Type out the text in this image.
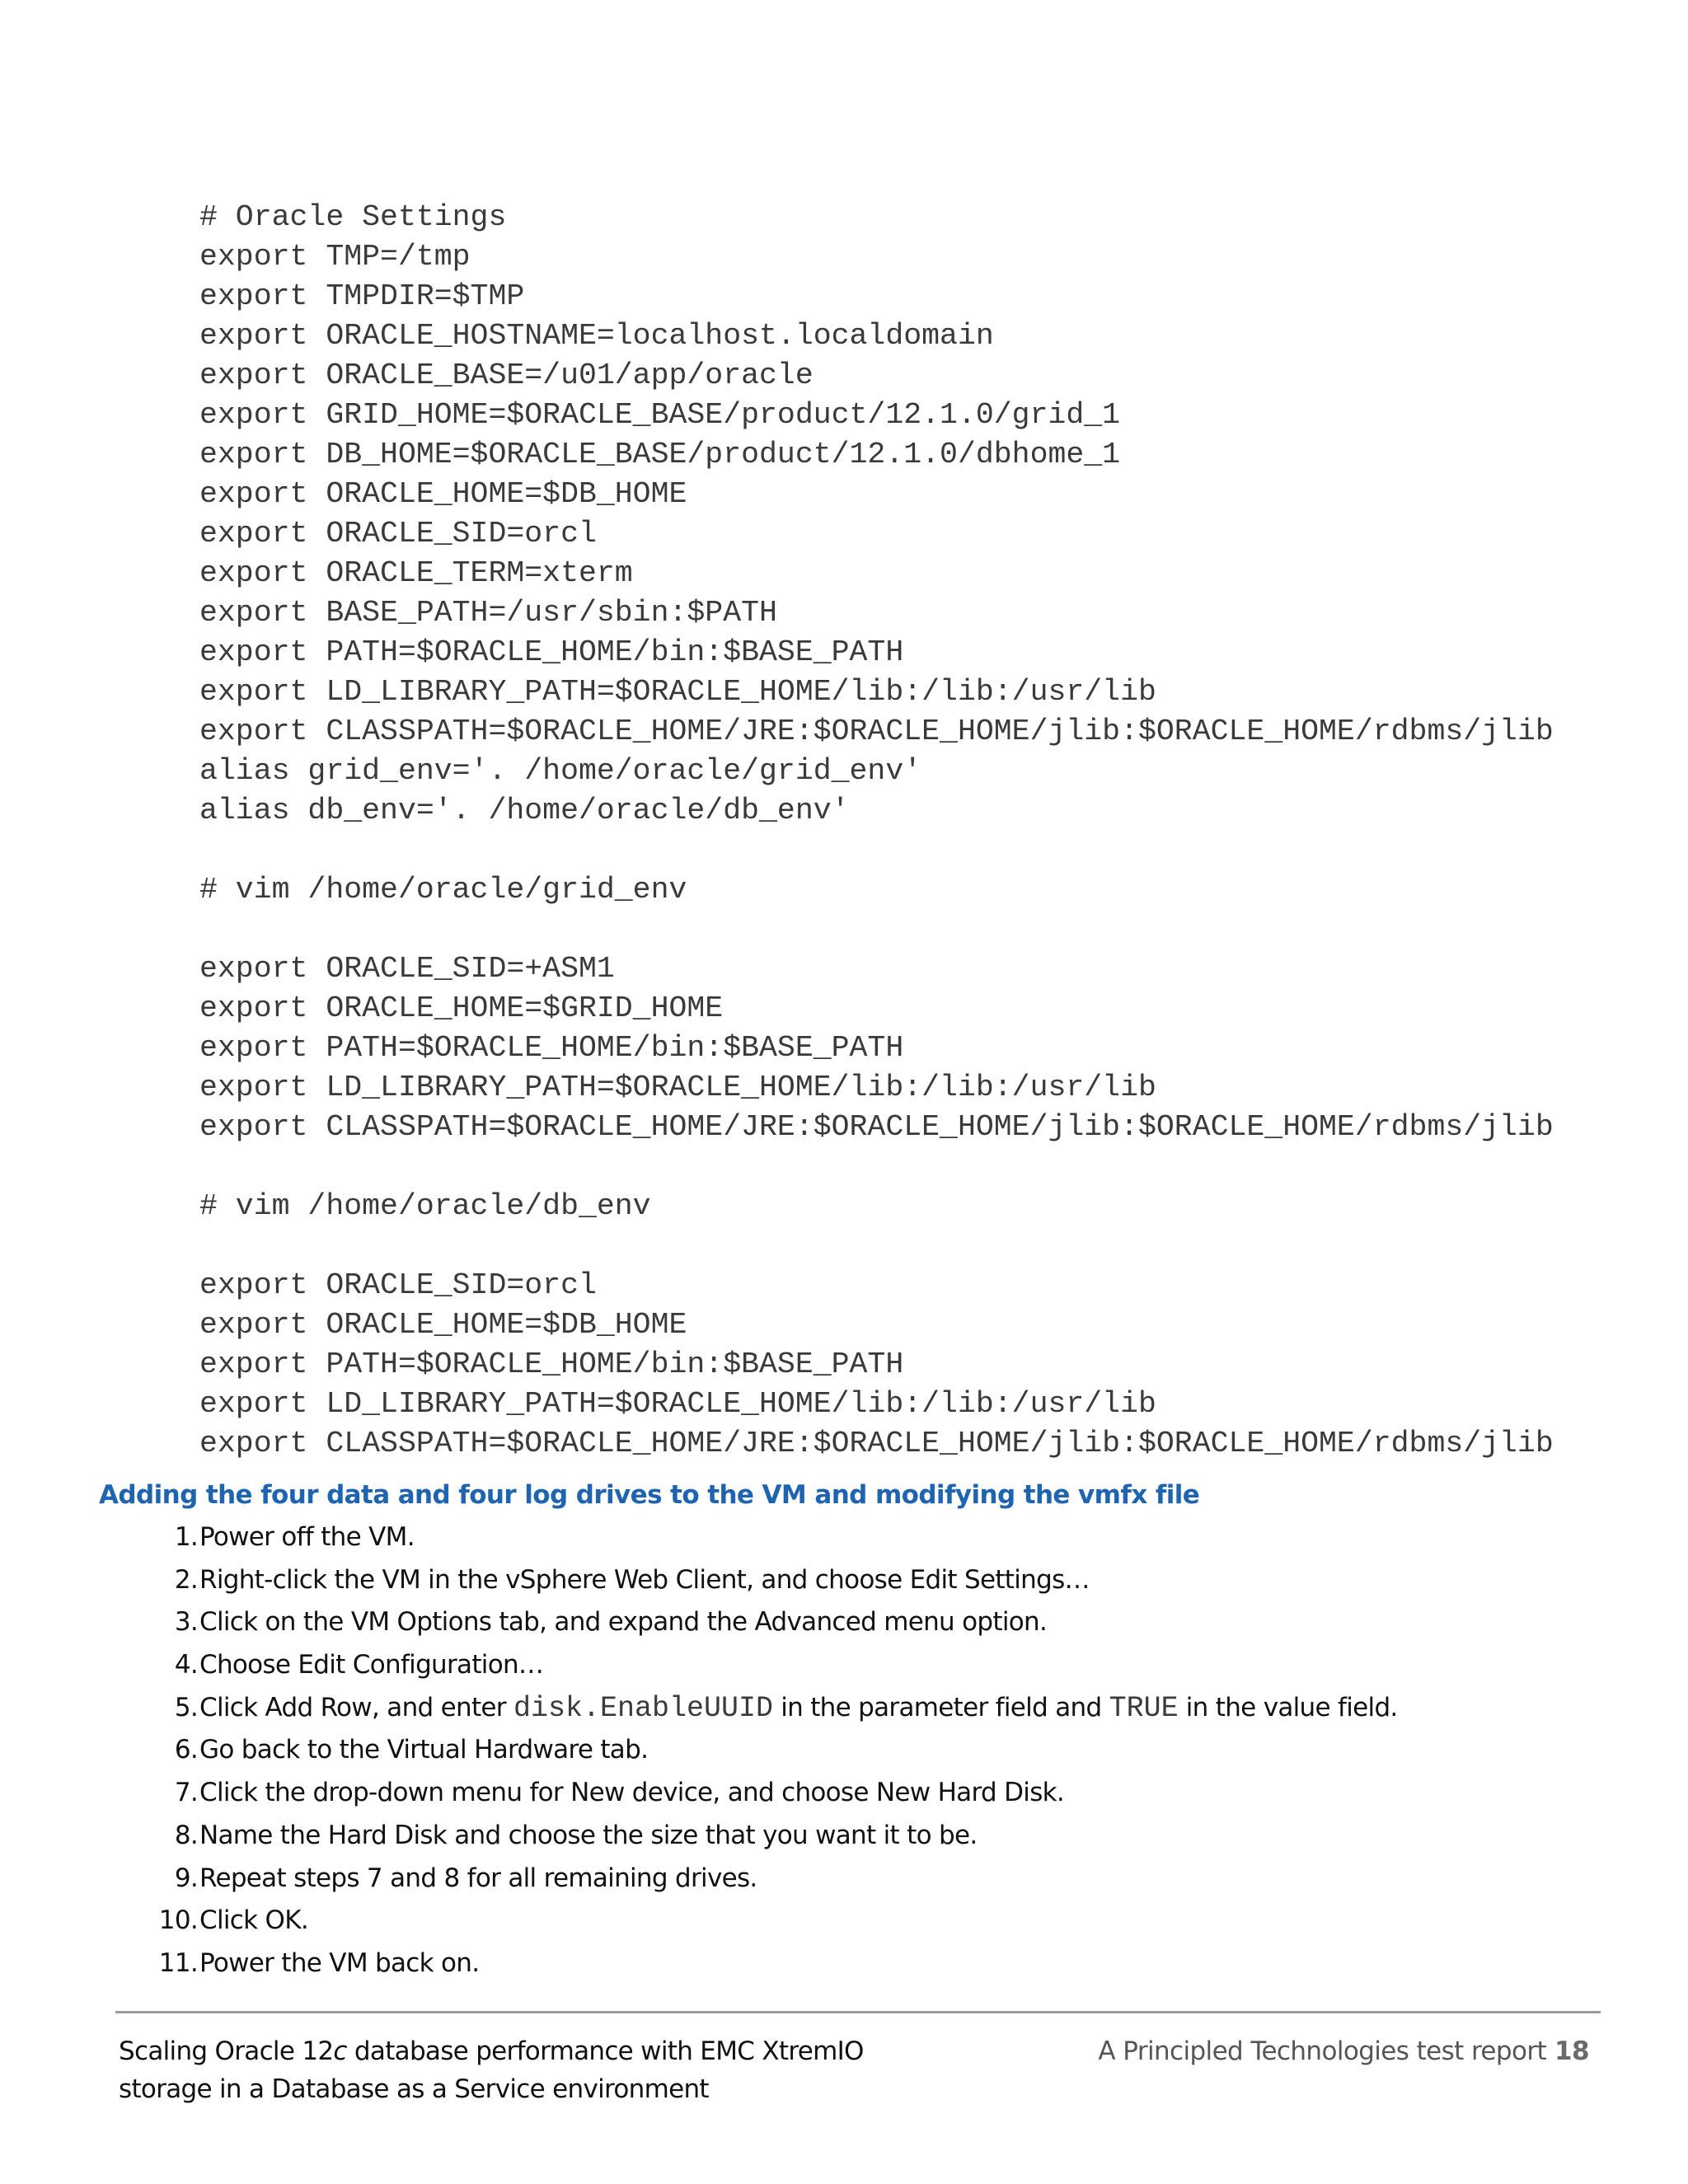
# Oracle Settings
export TMP=/tmp
export TMPDIR=$TMP
export ORACLE_HOSTNAME=localhost.localdomain
export ORACLE_BASE=/u01/app/oracle
export GRID_HOME=$ORACLE_BASE/product/12.1.0/grid_1
export DB_HOME=$ORACLE_BASE/product/12.1.0/dbhome_1
export ORACLE_HOME=$DB_HOME
export ORACLE_SID=orcl
export ORACLE_TERM=xterm
export BASE_PATH=/usr/sbin:$PATH
export PATH=$ORACLE_HOME/bin:$BASE_PATH
export LD_LIBRARY_PATH=$ORACLE_HOME/lib:/lib:/usr/lib
export CLASSPATH=$ORACLE_HOME/JRE:$ORACLE_HOME/jlib:$ORACLE_HOME/rdbms/jlib
alias grid_env='. /home/oracle/grid_env'
alias db_env='. /home/oracle/db_env'
# vim /home/oracle/grid_env
export ORACLE_SID=+ASM1
export ORACLE_HOME=$GRID_HOME
export PATH=$ORACLE_HOME/bin:$BASE_PATH
export LD_LIBRARY_PATH=$ORACLE_HOME/lib:/lib:/usr/lib
export CLASSPATH=$ORACLE_HOME/JRE:$ORACLE_HOME/jlib:$ORACLE_HOME/rdbms/jlib
# vim /home/oracle/db_env
export ORACLE_SID=orcl
export ORACLE_HOME=$DB_HOME
export PATH=$ORACLE_HOME/bin:$BASE_PATH
export LD_LIBRARY_PATH=$ORACLE_HOME/lib:/lib:/usr/lib
export CLASSPATH=$ORACLE_HOME/JRE:$ORACLE_HOME/jlib:$ORACLE_HOME/rdbms/jlib
Adding the four data and four log drives to the VM and modifying the vmfx file
1. Power off the VM.
2. Right-click the VM in the vSphere Web Client, and choose Edit Settings…
3. Click on the VM Options tab, and expand the Advanced menu option.
4. Choose Edit Configuration…
5. Click Add Row, and enter disk.EnableUUID in the parameter field and TRUE in the value field.
6. Go back to the Virtual Hardware tab.
7. Click the drop-down menu for New device, and choose New Hard Disk.
8. Name the Hard Disk and choose the size that you want it to be.
9. Repeat steps 7 and 8 for all remaining drives.
10. Click OK.
11. Power the VM back on.
Scaling Oracle 12c database performance with EMC XtremIO
storage in a Database as a Service environment
A Principled Technologies test report 18
